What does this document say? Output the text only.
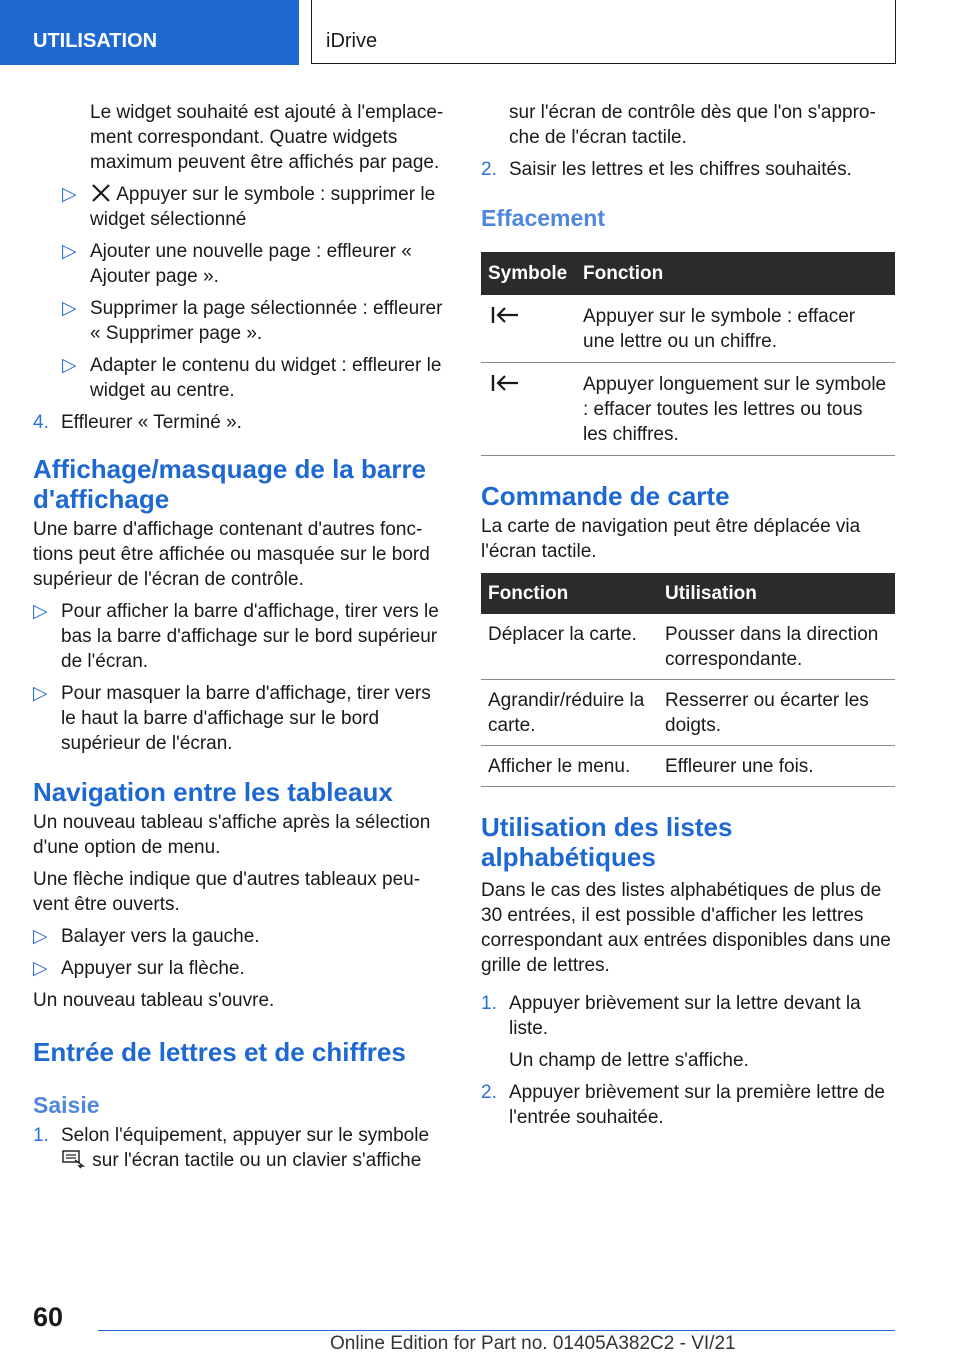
UTILISATION	iDrive

Le widget souhaité est ajouté à l'emplacement correspondant. Quatre widgets maximum peuvent être affichés par page.

▷	Appuyer sur le symbole : supprimer le widget sélectionné
▷ Ajouter une nouvelle page : effleurer « Ajouter page ».
▷ Supprimer la page sélectionnée : effleurer « Supprimer page ».
▷ Adapter le contenu du widget : effleurer le widget au centre.
4. Effleurer « Terminé ».
Affichage/masquage de la barre d'affichage

Une barre d'affichage contenant d'autres fonctions peut être affichée ou masquée sur le bord supérieur de l'écran de contrôle.

▷ Pour afficher la barre d'affichage, tirer vers le bas la barre d'affichage sur le bord supérieur de l'écran.
▷ Pour masquer la barre d'affichage, tirer vers le haut la barre d'affichage sur le bord supérieur de l'écran.
Navigation entre les tableaux

Un nouveau tableau s'affiche après la sélection d'une option de menu.

Une flèche indique que d'autres tableaux peuvent être ouverts.

▷ Balayer vers la gauche.
▷ Appuyer sur la flèche.

Un nouveau tableau s'ouvre.

Entrée de lettres et de chiffres
Saisie
1. Selon l'équipement, appuyer sur le symbole
sur l'écran tactile ou un clavier s'affiche

sur l'écran de contrôle dès que l'on s'approche de l'écran tactile.

2. Saisir les lettres et les chiffres souhaités.
Effacement
Symbole	Fonction
	Appuyer sur le symbole : effacer une lettre ou un chiffre.
	Appuyer longuement sur le symbole : effacer toutes les lettres ou tous les chiffres.
Commande de carte

La carte de navigation peut être déplacée via l'écran tactile.

Fonction	Utilisation
Déplacer la carte.	Pousser dans la direction correspondante.
Agrandir/réduire la carte.	Resserrer ou écarter les doigts.
Afficher le menu.	Effleurer une fois.
Utilisation des listes alphabétiques

Dans le cas des listes alphabétiques de plus de 30 entrées, il est possible d'afficher les lettres correspondant aux entrées disponibles dans une grille de lettres.

1. Appuyer brièvement sur la lettre devant la liste.

Un champ de lettre s'affiche.

2. Appuyer brièvement sur la première lettre de l'entrée souhaitée.
60
Online Edition for Part no. 01405A382C2 - VI/21
